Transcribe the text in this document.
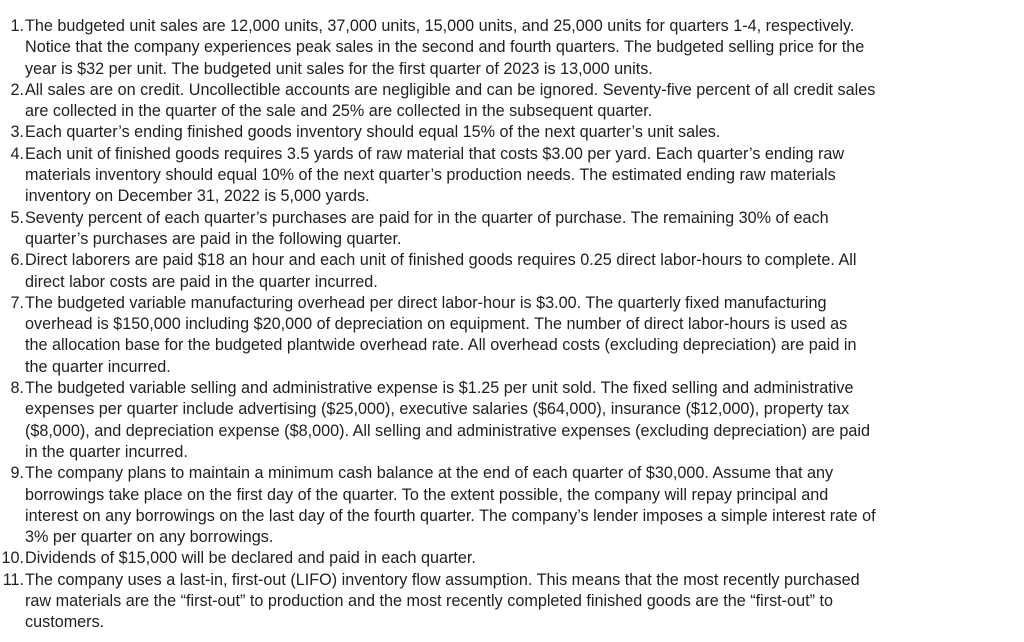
1. The budgeted unit sales are 12,000 units, 37,000 units, 15,000 units, and 25,000 units for quarters 1-4, respectively.
Notice that the company experiences peak sales in the second and fourth quarters. The budgeted selling price for the
year is $32 per unit. The budgeted unit sales for the first quarter of 2023 is 13,000 units.
2. All sales are on credit. Uncollectible accounts are negligible and can be ignored. Seventy-five percent of all credit sales
are collected in the quarter of the sale and 25% are collected in the subsequent quarter.
3. Each quarter’s ending finished goods inventory should equal 15% of the next quarter’s unit sales.
4. Each unit of finished goods requires 3.5 yards of raw material that costs $3.00 per yard. Each quarter’s ending raw
materials inventory should equal 10% of the next quarter’s production needs. The estimated ending raw materials
inventory on December 31, 2022 is 5,000 yards.
5. Seventy percent of each quarter’s purchases are paid for in the quarter of purchase. The remaining 30% of each
quarter’s purchases are paid in the following quarter.
6. Direct laborers are paid $18 an hour and each unit of finished goods requires 0.25 direct labor-hours to complete. All
direct labor costs are paid in the quarter incurred.
7. The budgeted variable manufacturing overhead per direct labor-hour is $3.00. The quarterly fixed manufacturing
overhead is $150,000 including $20,000 of depreciation on equipment. The number of direct labor-hours is used as
the allocation base for the budgeted plantwide overhead rate. All overhead costs (excluding depreciation) are paid in
the quarter incurred.
8. The budgeted variable selling and administrative expense is $1.25 per unit sold. The fixed selling and administrative
expenses per quarter include advertising ($25,000), executive salaries ($64,000), insurance ($12,000), property tax
($8,000), and depreciation expense ($8,000). All selling and administrative expenses (excluding depreciation) are paid
in the quarter incurred.
9. The company plans to maintain a minimum cash balance at the end of each quarter of $30,000. Assume that any
borrowings take place on the first day of the quarter. To the extent possible, the company will repay principal and
interest on any borrowings on the last day of the fourth quarter. The company’s lender imposes a simple interest rate of
3% per quarter on any borrowings.
10. Dividends of $15,000 will be declared and paid in each quarter.
11. The company uses a last-in, first-out (LIFO) inventory flow assumption. This means that the most recently purchased
raw materials are the “first-out” to production and the most recently completed finished goods are the “first-out” to
customers.
